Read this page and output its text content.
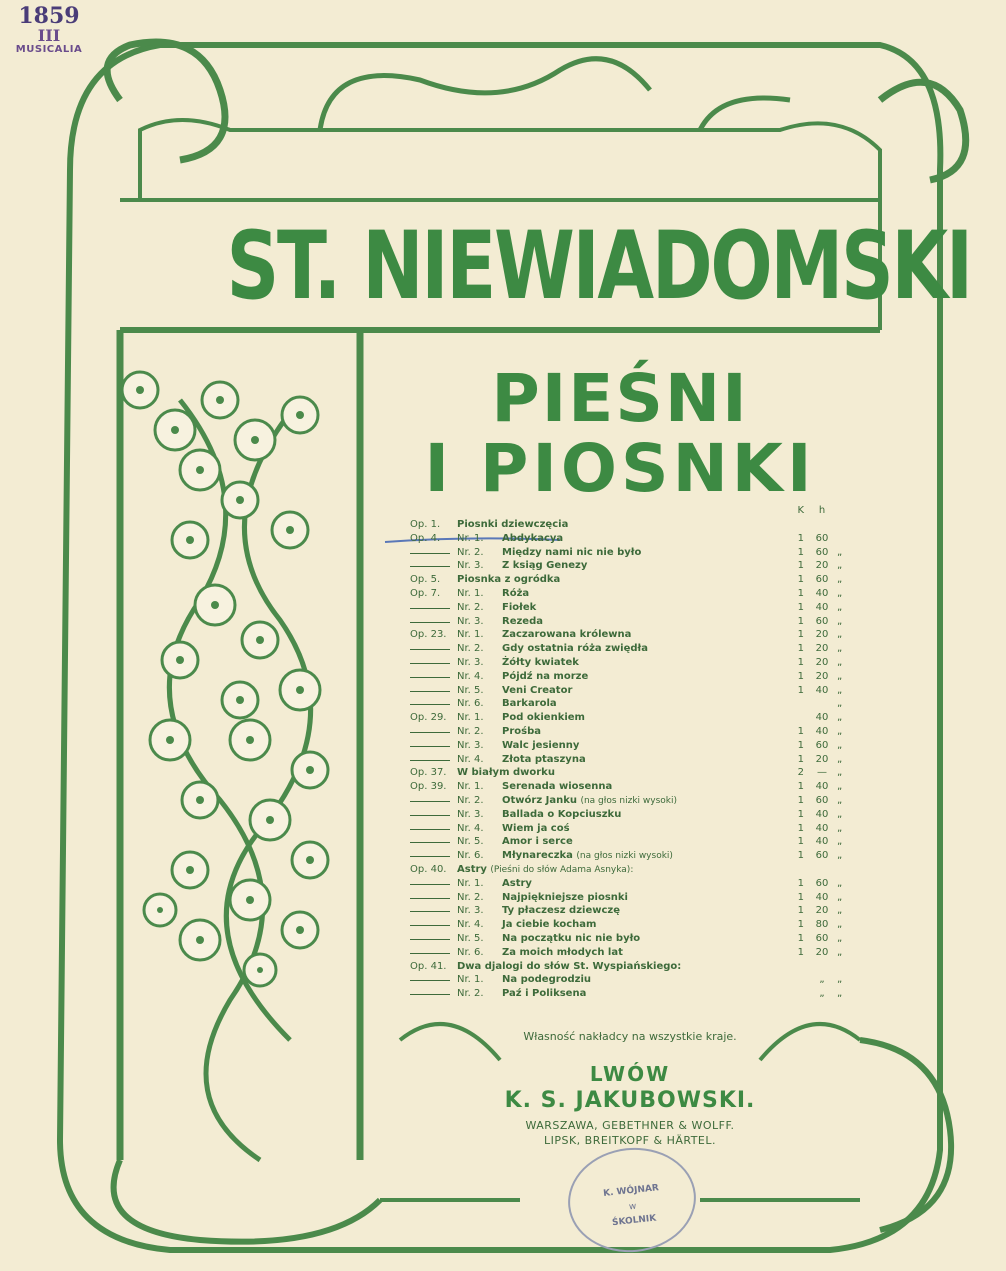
1859
III
MUSICALIA
ST. NIEWIADOMSKI
PIEŚNI
I PIOSNKI
K	h
Op. 1.	Piosnki dziewczęcia
Op. 4.	Nr. 1. Abdykacya	1	60
Nr. 2. Między nami nic nie było	1	60 „
Nr. 3. Z ksiąg Genezy	1	20 „
Op. 5.	Piosnka z ogródka	1	60 „
Op. 7.	Nr. 1. Róża	1	40 „
Nr. 2. Fiołek	1	40 „
Nr. 3. Rezeda	1	60 „
Op. 23.	Nr. 1. Zaczarowana królewna	1	20 „
Nr. 2. Gdy ostatnia róża zwiędła	1	20 „
Nr. 3. Żółty kwiatek	1	20 „
Nr. 4. Pójdź na morze	1	20 „
Nr. 5. Veni Creator	1	40 „
Nr. 6. Barkarola	„
Op. 29.	Nr. 1. Pod okienkiem	40 „
Nr. 2. Prośba	1	40 „
Nr. 3. Walc jesienny	1	60 „
Nr. 4. Złota ptaszyna	1	20 „
Op. 37.	W białym dworku	2	—	„
Op. 39.	Nr. 1. Serenada wiosenna	1	40 „
Nr. 2. Otwórz Janku (na głos nizki wysoki)	1	60 „
Nr. 3. Ballada o Kopciuszku	1	40 „
Nr. 4. Wiem ja coś	1	40 „
Nr. 5. Amor i serce	1	40 „
Nr. 6. Młynareczka (na głos nizki wysoki)	1	60 „
Op. 40.	Astry (Pieśni do słów Adama Asnyka):
Nr. 1. Astry	1	60 „
Nr. 2. Najpiękniejsze piosnki	1	40 „
Nr. 3. Ty płaczesz dziewczę	1	20 „
Nr. 4. Ja ciebie kocham	1	80 „
Nr. 5. Na początku nic nie było	1	60 „
Nr. 6. Za moich młodych lat	1	20 „
Op. 41.	Dwa djalogi do słów St. Wyspiańskiego:
Nr. 1. Na podegrodziu	„	„
Nr. 2. Paź i Poliksena	„	„
Własność nakładcy na wszystkie kraje.
LWÓW
K. S. JAKUBOWSKI.
WARSZAWA, GEBETHNER & WOLFF.
LIPSK, BREITKOPF & HÄRTEL.
K. WÓJNAR
w
ŚKOLNIK
